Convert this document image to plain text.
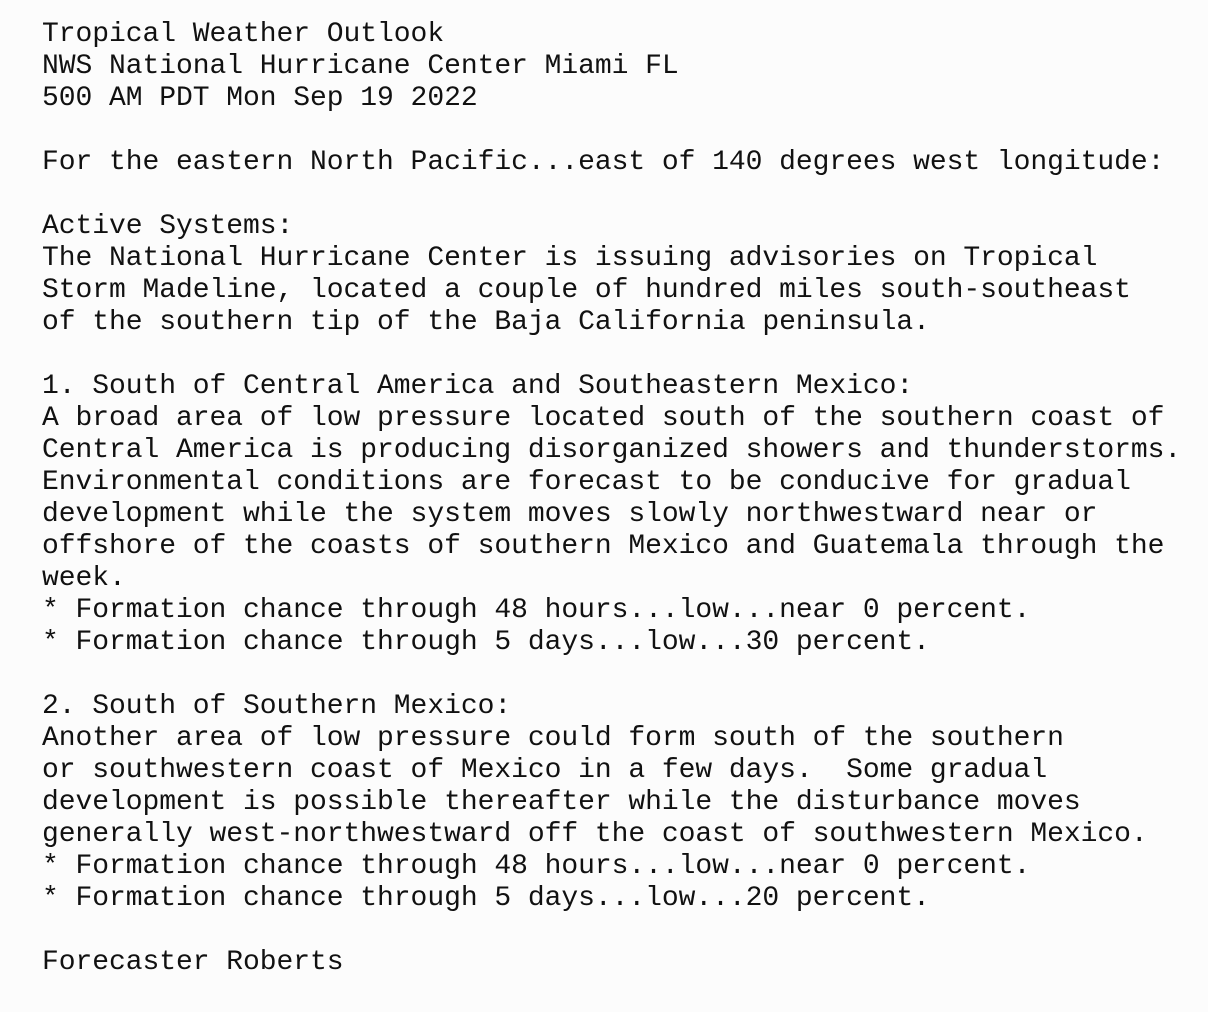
Tropical Weather Outlook
NWS National Hurricane Center Miami FL
500 AM PDT Mon Sep 19 2022
For the eastern North Pacific...east of 140 degrees west longitude:
Active Systems:
The National Hurricane Center is issuing advisories on Tropical
Storm Madeline, located a couple of hundred miles south-southeast
of the southern tip of the Baja California peninsula.
1. South of Central America and Southeastern Mexico:
A broad area of low pressure located south of the southern coast of
Central America is producing disorganized showers and thunderstorms.
Environmental conditions are forecast to be conducive for gradual
development while the system moves slowly northwestward near or
offshore of the coasts of southern Mexico and Guatemala through the
week.
* Formation chance through 48 hours...low...near 0 percent.
* Formation chance through 5 days...low...30 percent.
2. South of Southern Mexico:
Another area of low pressure could form south of the southern
or southwestern coast of Mexico in a few days.  Some gradual
development is possible thereafter while the disturbance moves
generally west-northwestward off the coast of southwestern Mexico.
* Formation chance through 48 hours...low...near 0 percent.
* Formation chance through 5 days...low...20 percent.
Forecaster Roberts
